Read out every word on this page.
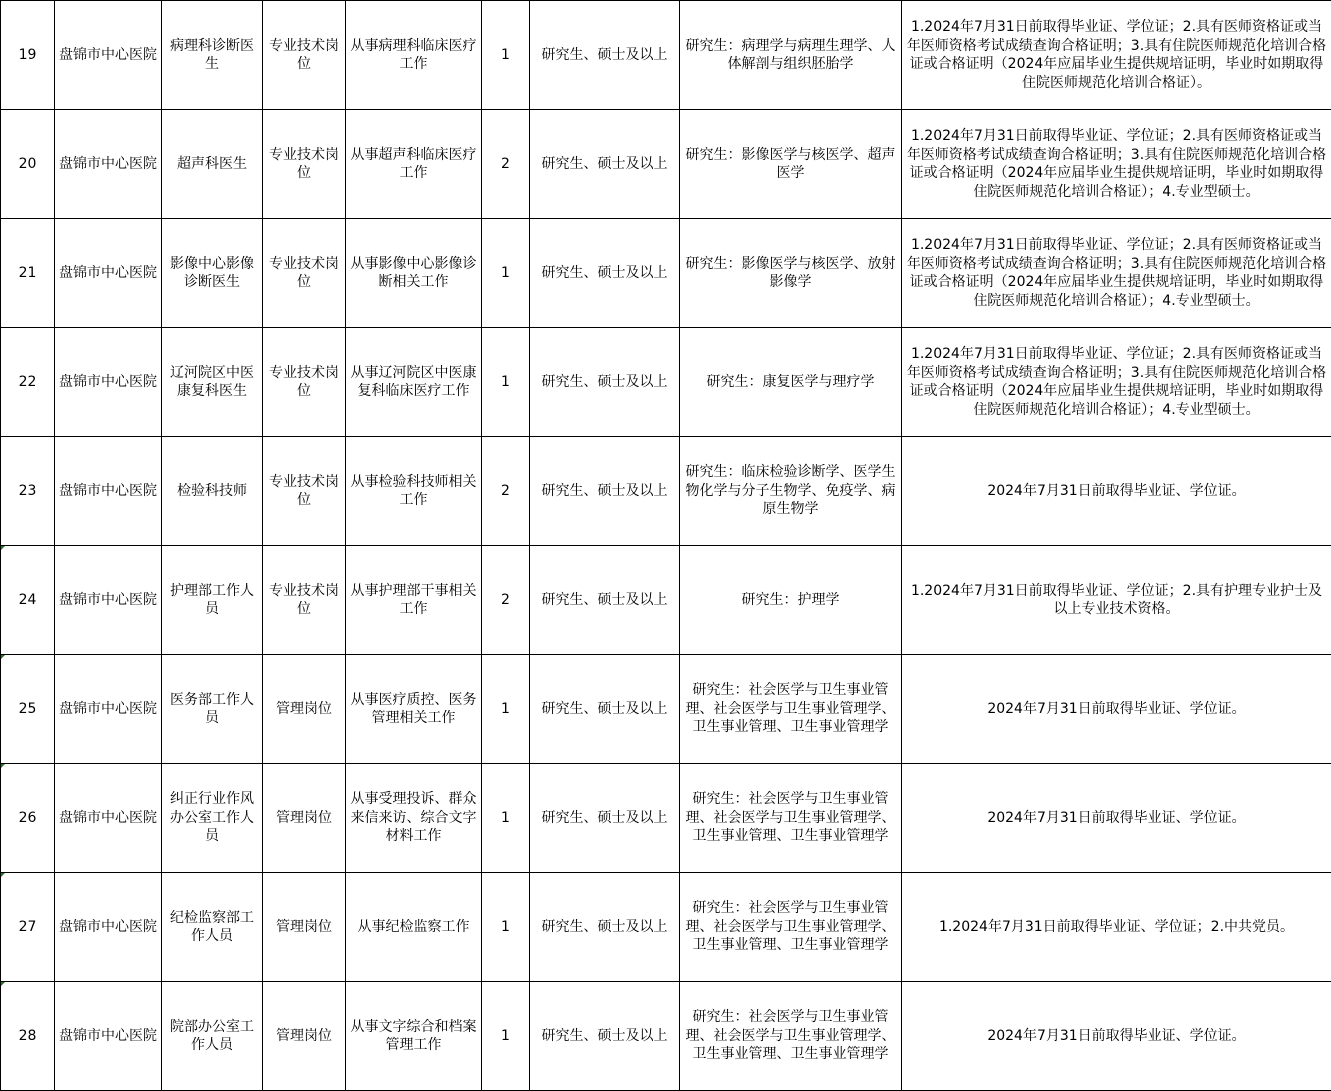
19	盘锦市中心医院	病理科诊断医生	专业技术岗位	从事病理科临床医疗工作	1	研究生、硕士及以上	研究生：病理学与病理生理学、人体解剖与组织胚胎学	1.2024年7月31日前取得毕业证、学位证；2.具有医师资格证或当年医师资格考试成绩查询合格证明；3.具有住院医师规范化培训合格证或合格证明（2024年应届毕业生提供规培证明，毕业时如期取得住院医师规范化培训合格证）。
20	盘锦市中心医院	超声科医生	专业技术岗位	从事超声科临床医疗工作	2	研究生、硕士及以上	研究生：影像医学与核医学、超声医学	1.2024年7月31日前取得毕业证、学位证；2.具有医师资格证或当年医师资格考试成绩查询合格证明；3.具有住院医师规范化培训合格证或合格证明（2024年应届毕业生提供规培证明，毕业时如期取得住院医师规范化培训合格证）；4.专业型硕士。
21	盘锦市中心医院	影像中心影像诊断医生	专业技术岗位	从事影像中心影像诊断相关工作	1	研究生、硕士及以上	研究生：影像医学与核医学、放射影像学	1.2024年7月31日前取得毕业证、学位证；2.具有医师资格证或当年医师资格考试成绩查询合格证明；3.具有住院医师规范化培训合格证或合格证明（2024年应届毕业生提供规培证明，毕业时如期取得住院医师规范化培训合格证）；4.专业型硕士。
22	盘锦市中心医院	辽河院区中医康复科医生	专业技术岗位	从事辽河院区中医康复科临床医疗工作	1	研究生、硕士及以上	研究生：康复医学与理疗学	1.2024年7月31日前取得毕业证、学位证；2.具有医师资格证或当年医师资格考试成绩查询合格证明；3.具有住院医师规范化培训合格证或合格证明（2024年应届毕业生提供规培证明，毕业时如期取得住院医师规范化培训合格证）；4.专业型硕士。
23	盘锦市中心医院	检验科技师	专业技术岗位	从事检验科技师相关工作	2	研究生、硕士及以上	研究生：临床检验诊断学、医学生物化学与分子生物学、免疫学、病原生物学	2024年7月31日前取得毕业证、学位证。
24	盘锦市中心医院	护理部工作人员	专业技术岗位	从事护理部干事相关工作	2	研究生、硕士及以上	研究生：护理学	1.2024年7月31日前取得毕业证、学位证；2.具有护理专业护士及以上专业技术资格。
25	盘锦市中心医院	医务部工作人员	管理岗位	从事医疗质控、医务管理相关工作	1	研究生、硕士及以上	研究生：社会医学与卫生事业管理、社会医学与卫生事业管理学、卫生事业管理、卫生事业管理学	2024年7月31日前取得毕业证、学位证。
26	盘锦市中心医院	纠正行业作风办公室工作人员	管理岗位	从事受理投诉、群众来信来访、综合文字材料工作	1	研究生、硕士及以上	研究生：社会医学与卫生事业管理、社会医学与卫生事业管理学、卫生事业管理、卫生事业管理学	2024年7月31日前取得毕业证、学位证。
27	盘锦市中心医院	纪检监察部工作人员	管理岗位	从事纪检监察工作	1	研究生、硕士及以上	研究生：社会医学与卫生事业管理、社会医学与卫生事业管理学、卫生事业管理、卫生事业管理学	1.2024年7月31日前取得毕业证、学位证；2.中共党员。
28	盘锦市中心医院	院部办公室工作人员	管理岗位	从事文字综合和档案管理工作	1	研究生、硕士及以上	研究生：社会医学与卫生事业管理、社会医学与卫生事业管理学、卫生事业管理、卫生事业管理学	2024年7月31日前取得毕业证、学位证。
